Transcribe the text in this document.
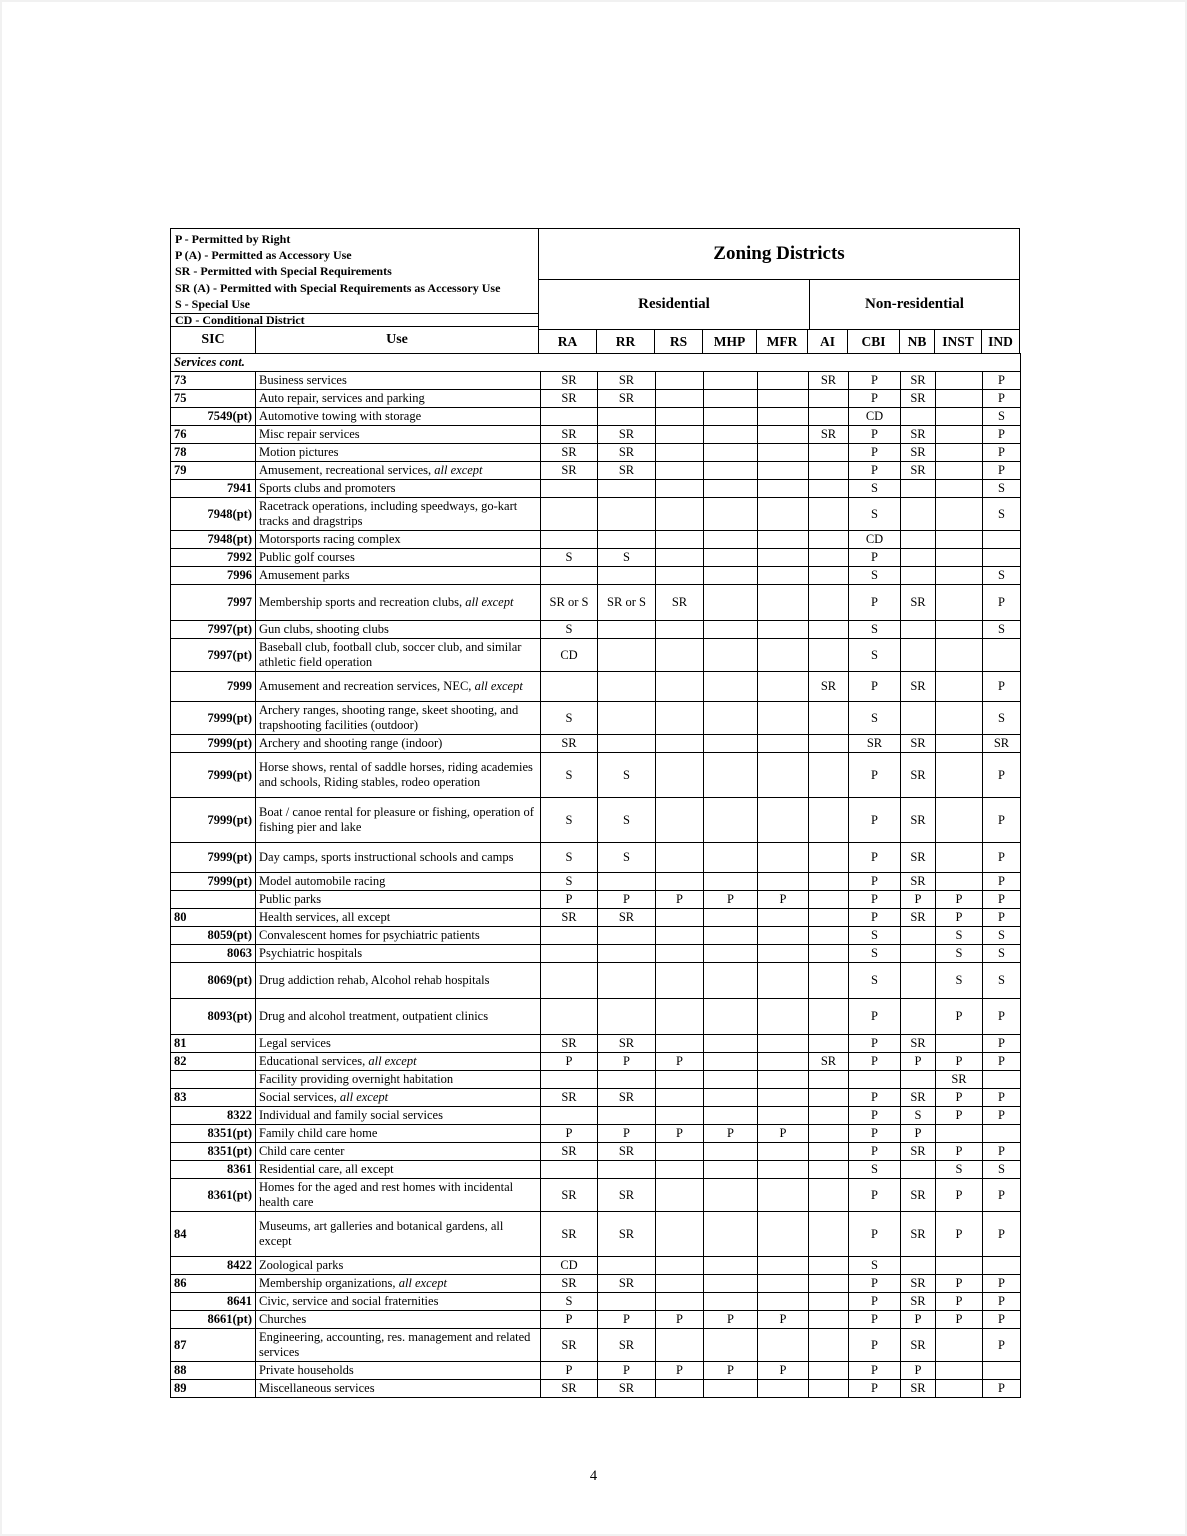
P - Permitted by Right
P (A) - Permitted as Accessory Use
SR - Permitted with Special Requirements
SR (A) - Permitted with Special Requirements as Accessory Use
S - Special Use
CD - Conditional District
SIC	Use
Zoning Districts
Residential	Non-residential
RA	RR	RS	MHP	MFR	AI	CBI	NB	INST	IND
Services cont.											
73	Business services	SR	SR				SR	P	SR		P
75	Auto repair, services and parking	SR	SR					P	SR		P
7549(pt)	Automotive towing with storage							CD			S
76	Misc repair services	SR	SR				SR	P	SR		P
78	Motion pictures	SR	SR					P	SR		P
79	Amusement, recreational services, all except	SR	SR					P	SR		P
7941	Sports clubs and promoters							S			S
7948(pt)	Racetrack operations, including speedways, go-kart tracks and dragstrips							S			S
7948(pt)	Motorsports racing complex							CD			
7992	Public golf courses	S	S					P			
7996	Amusement parks							S			S
7997	Membership sports and recreation clubs, all except	SR or S	SR or S	SR				P	SR		P
7997(pt)	Gun clubs, shooting clubs	S						S			S
7997(pt)	Baseball club, football club, soccer club, and similar athletic field operation	CD						S			
7999	Amusement and recreation services, NEC, all except						SR	P	SR		P
7999(pt)	Archery ranges, shooting range, skeet shooting, and trapshooting facilities (outdoor)	S						S			S
7999(pt)	Archery and shooting range (indoor)	SR						SR	SR		SR
7999(pt)	Horse shows, rental of saddle horses, riding academies and schools, Riding stables, rodeo operation	S	S					P	SR		P
7999(pt)	Boat / canoe rental for pleasure or fishing, operation of fishing pier and lake	S	S					P	SR		P
7999(pt)	Day camps, sports instructional schools and camps	S	S					P	SR		P
7999(pt)	Model automobile racing	S						P	SR		P
	Public parks	P	P	P	P	P		P	P	P	P
80	Health services, all except	SR	SR					P	SR	P	P
8059(pt)	Convalescent homes for psychiatric patients							S		S	S
8063	Psychiatric hospitals							S		S	S
8069(pt)	Drug addiction rehab, Alcohol rehab hospitals							S		S	S
8093(pt)	Drug and alcohol treatment, outpatient clinics							P		P	P
81	Legal services	SR	SR					P	SR		P
82	Educational services, all except	P	P	P			SR	P	P	P	P
	Facility providing overnight habitation									SR	
83	Social services, all except	SR	SR					P	SR	P	P
8322	Individual and family social services							P	S	P	P
8351(pt)	Family child care home	P	P	P	P	P		P	P		
8351(pt)	Child care center	SR	SR					P	SR	P	P
8361	Residential care, all except							S		S	S
8361(pt)	Homes for the aged and rest homes with incidental health care	SR	SR					P	SR	P	P
84	Museums, art galleries and botanical gardens, all except	SR	SR					P	SR	P	P
8422	Zoological parks	CD						S			
86	Membership organizations, all except	SR	SR					P	SR	P	P
8641	Civic, service and social fraternities	S						P	SR	P	P
8661(pt)	Churches	P	P	P	P	P		P	P	P	P
87	Engineering, accounting, res. management and related services	SR	SR					P	SR		P
88	Private households	P	P	P	P	P		P	P		
89	Miscellaneous services	SR	SR					P	SR		P
4
